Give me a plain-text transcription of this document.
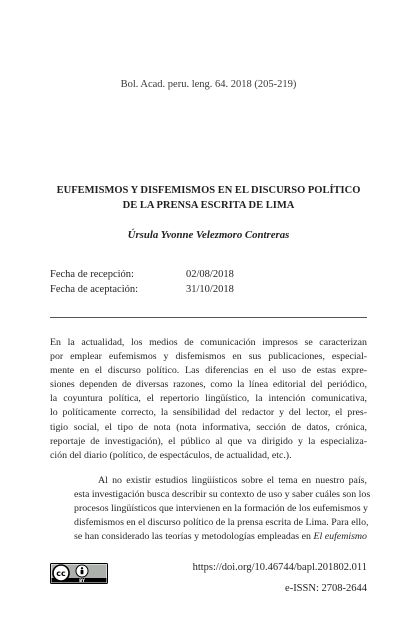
Bol. Acad. peru. leng. 64. 2018 (205-219)
EUFEMISMOS Y DISFEMISMOS EN EL DISCURSO POLÍTICO
DE LA PRENSA ESCRITA DE LIMA
Úrsula Yvonne Velezmoro Contreras
Fecha de recepción:	02/08/2018
Fecha de aceptación:	31/10/2018
En la actualidad, los medios de comunicación impresos se caracterizan
por emplear eufemismos y disfemismos en sus publicaciones, especial-
mente en el discurso político. Las diferencias en el uso de estas expre-
siones dependen de diversas razones, como la línea editorial del periódico,
la coyuntura política, el repertorio lingüístico, la intención comunicativa,
lo políticamente correcto, la sensibilidad del redactor y del lector, el pres-
tigio social, el tipo de nota (nota informativa, sección de datos, crónica,
reportaje de investigación), el público al que va dirigido y la especializa-
ción del diario (político, de espectáculos, de actualidad, etc.).
Al no existir estudios lingüísticos sobre el tema en nuestro país,
esta investigación busca describir su contexto de uso y saber cuáles son los
procesos lingüísticos que intervienen en la formación de los eufemismos y
disfemismos en el discurso político de la prensa escrita de Lima. Para ello,
se han considerado las teorías y metodologías empleadas en El eufemismo
cc
BY
https://doi.org/10.46744/bapl.201802.011
e-ISSN: 2708-2644
